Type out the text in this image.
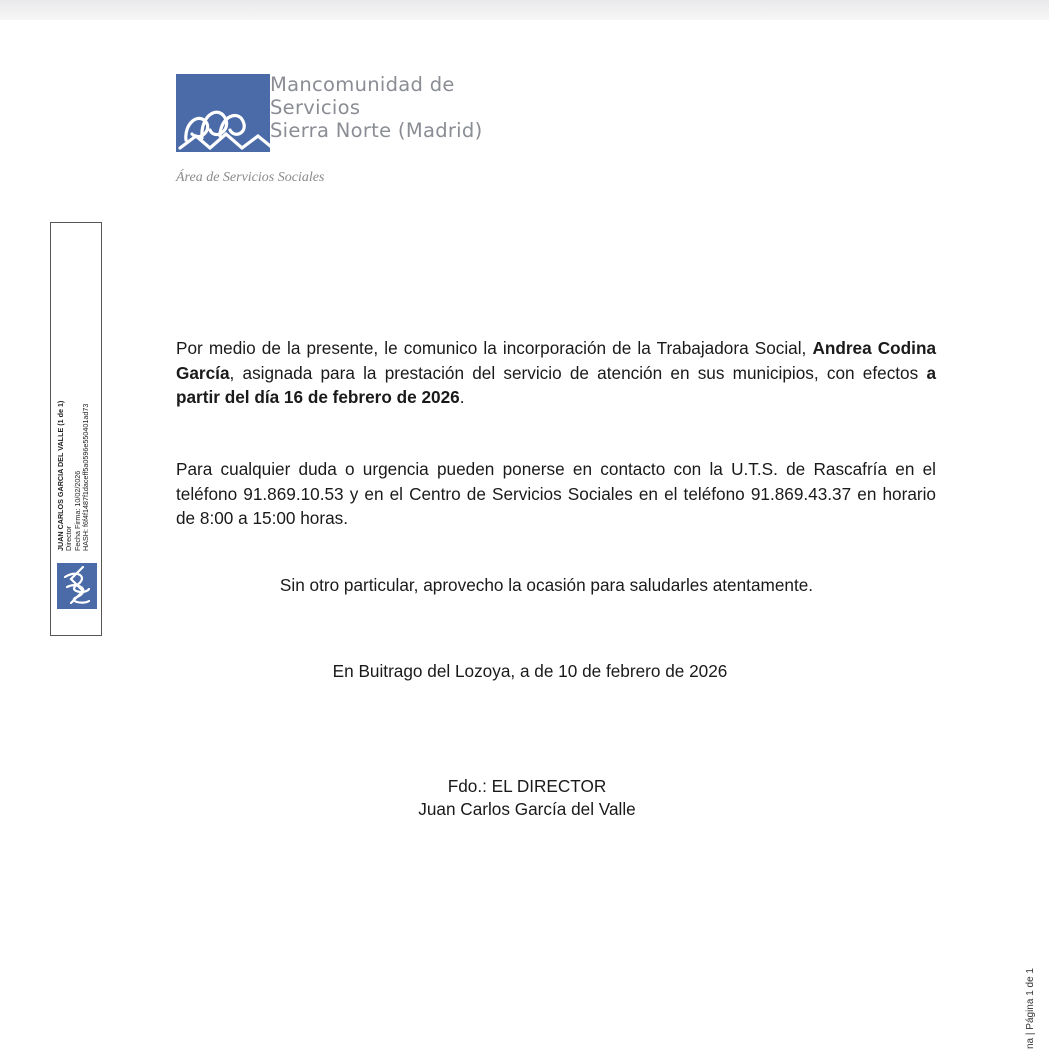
Mancomunidad de
Servicios
Sierra Norte (Madrid)
Área de Servicios Sociales
JUAN CARLOS GARCIA DEL VALLE (1 de 1) Director Fecha Firma: 10/02/2026 HASH: f6f4f1487f1daceff5a0596e550401ad73
Por medio de la presente, le comunico la incorporación de la Trabajadora Social, Andrea Codina García, asignada para la prestación del servicio de atención en sus municipios, con efectos a partir del día 16 de febrero de 2026.
Para cualquier duda o urgencia pueden ponerse en contacto con la U.T.S. de Rascafría en el teléfono 91.869.10.53 y en el Centro de Servicios Sociales en el teléfono 91.869.43.37 en horario de 8:00 a 15:00 horas.
Sin otro particular, aprovecho la ocasión para saludarles atentamente.
En Buitrago del Lozoya, a de 10 de febrero de 2026
Fdo.: EL DIRECTOR
Juan Carlos García del Valle
na | Página 1 de 1
